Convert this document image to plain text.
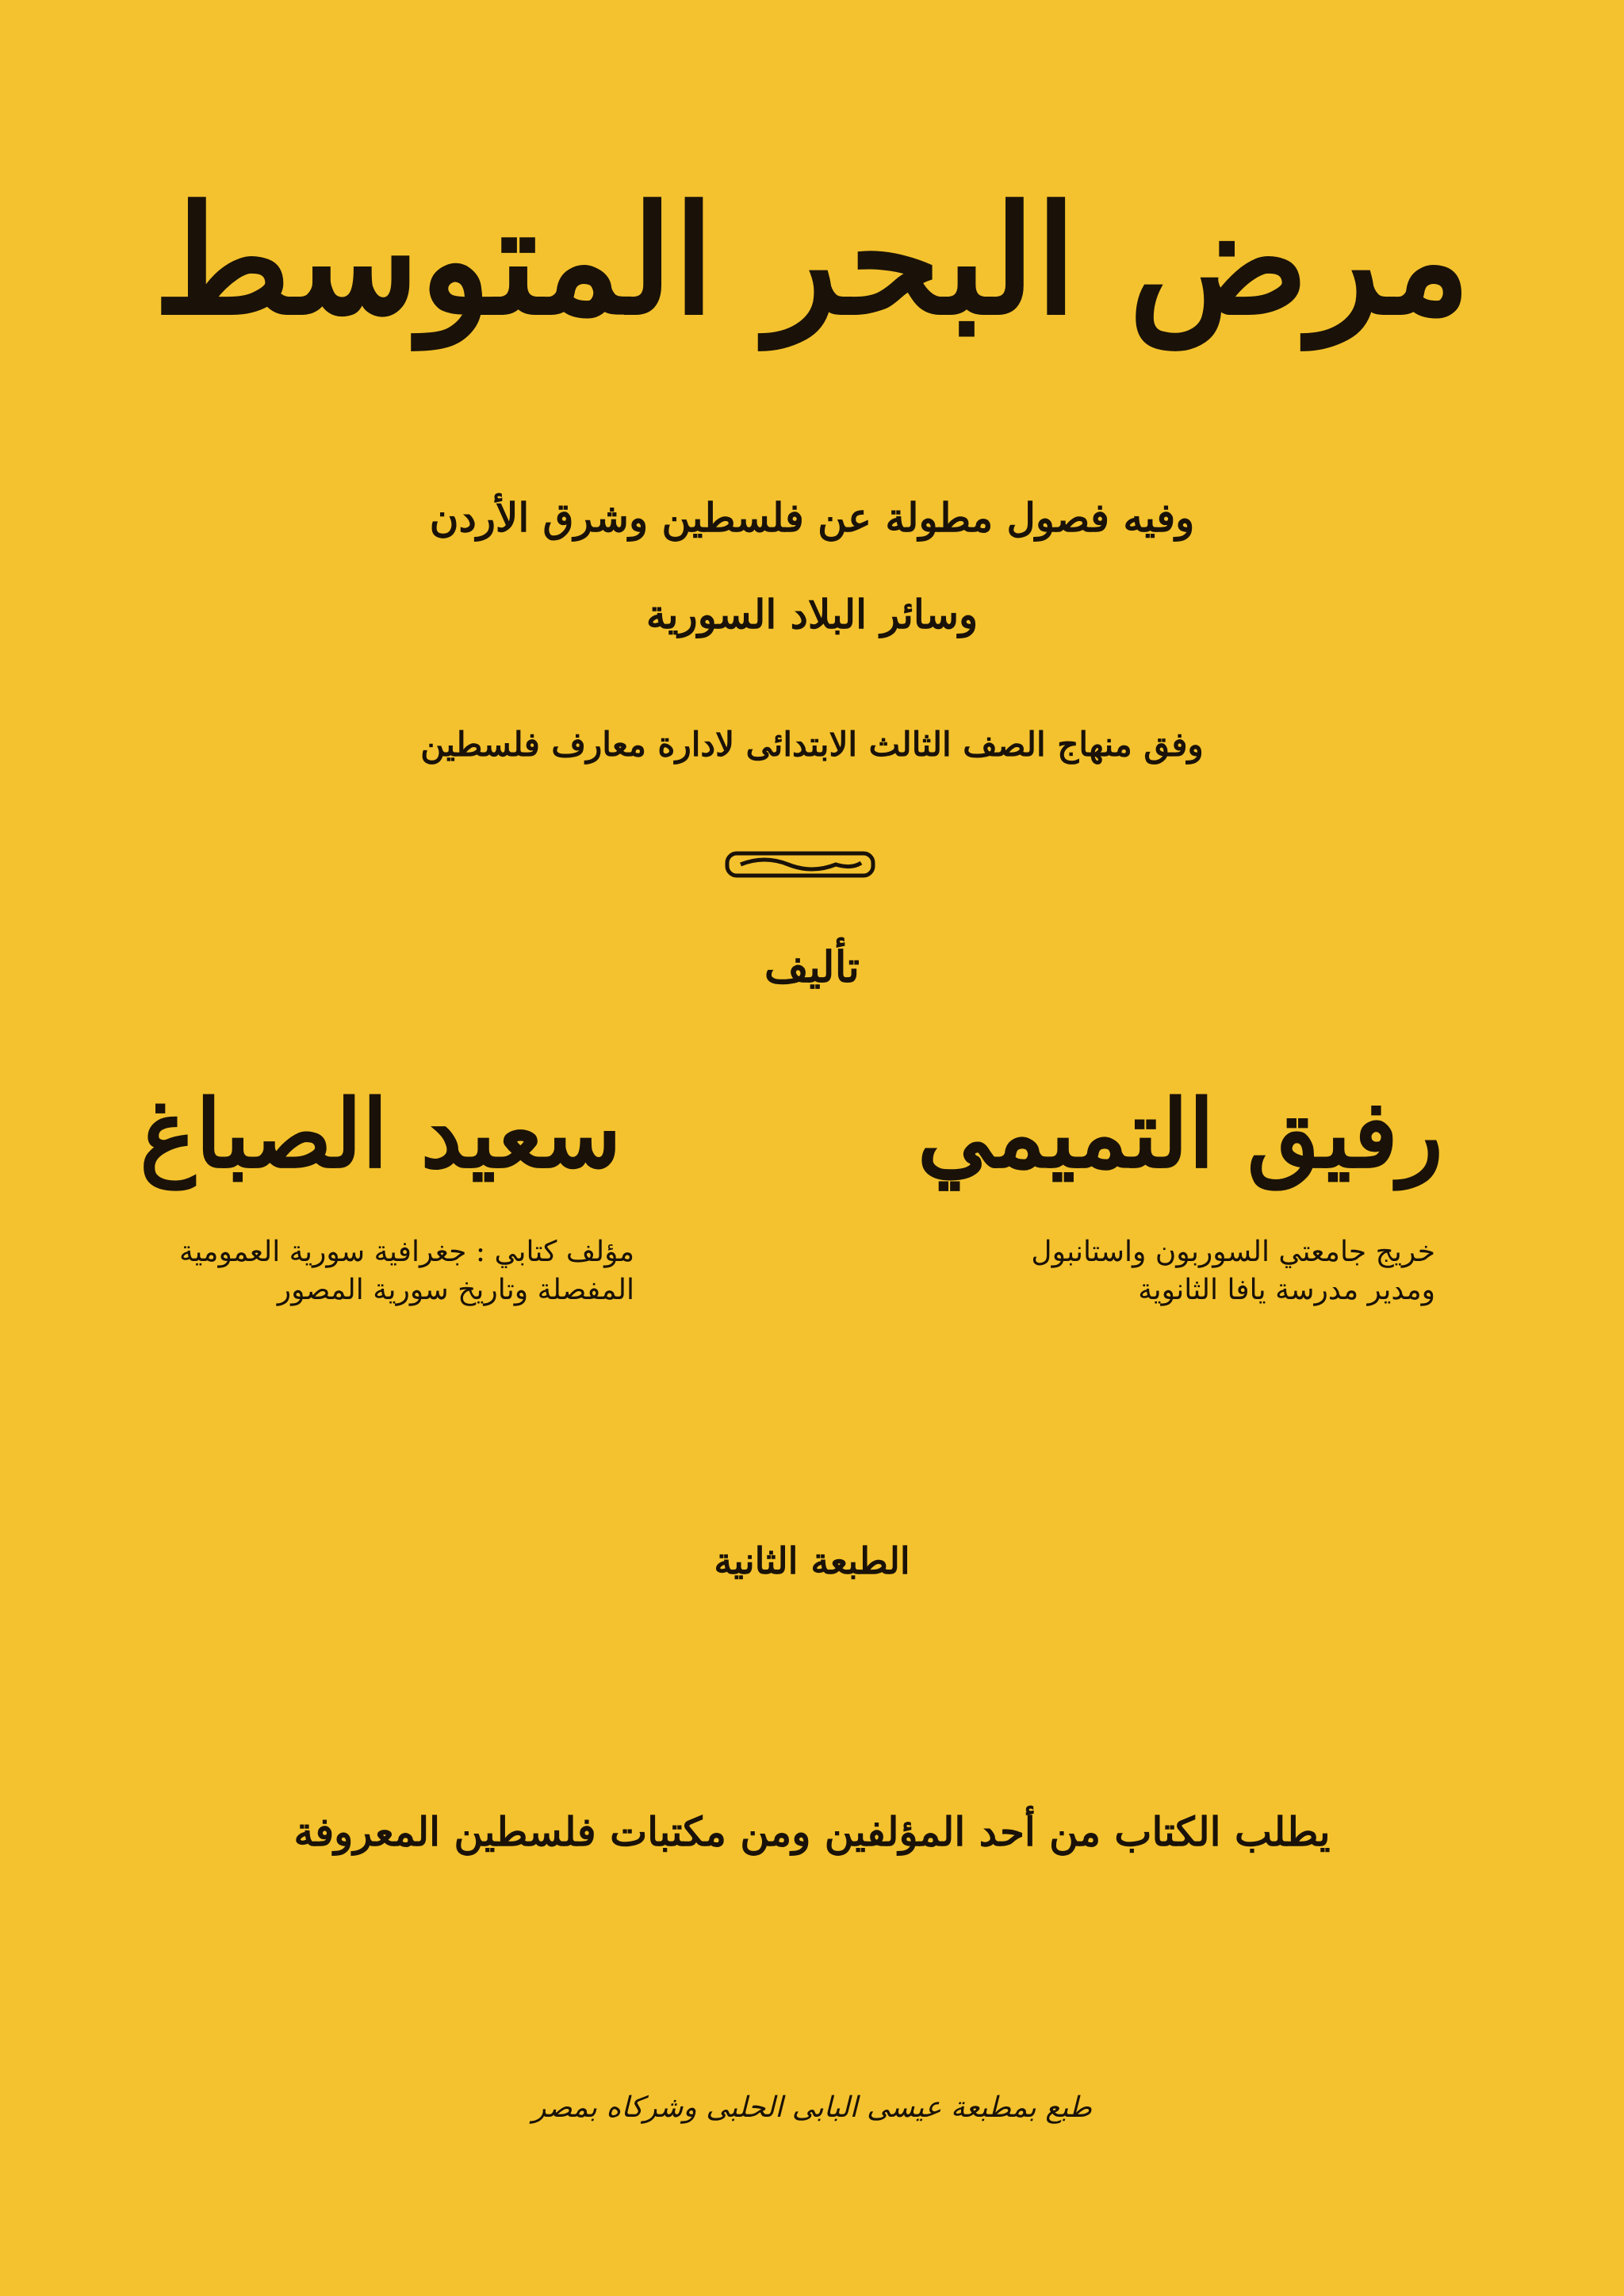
مرض البحر المتوسط
وفيه فصول مطولة عن فلسطين وشرق الأردن
وسائر البلاد السورية
وفق منهاج الصف الثالث الابتدائى لادارة معارف فلسطين
تأليف
رفيق التميمي
خريج جامعتي السوربون واستانبول
ومدير مدرسة يافا الثانوية
سعيد الصباغ
مؤلف كتابي : جغرافية سورية العمومية
المفصلة وتاريخ سورية المصور
الطبعة الثانية
يطلب الكتاب من أحد المؤلفين ومن مكتبات فلسطين المعروفة
طبع بمطبعة عيسى البابى الحلبى وشركاه بمصر
